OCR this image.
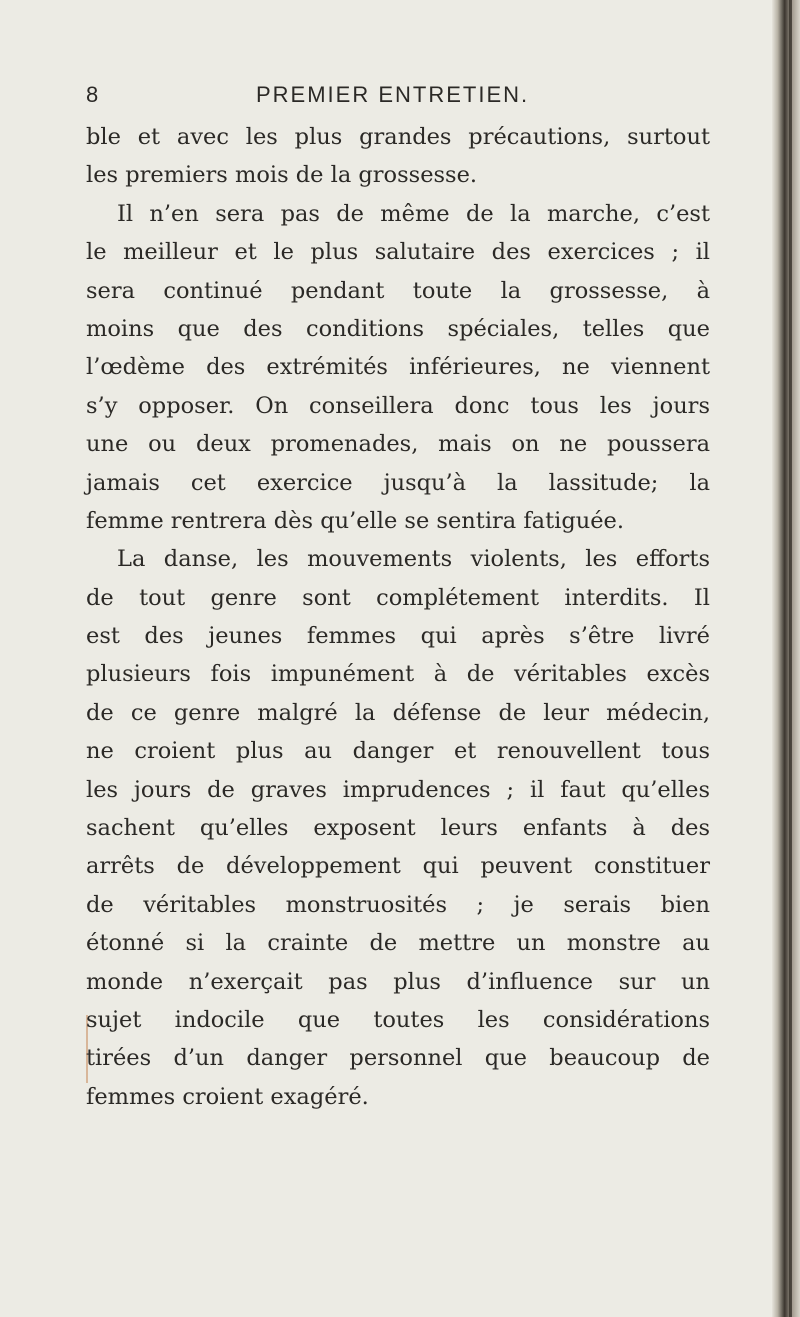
8	PREMIER ENTRETIEN.
ble et avec les plus grandes précautions, surtout
les premiers mois de la grossesse.
Il n’en sera pas de même de la marche, c’est
le meilleur et le plus salutaire des exercices ; il
sera continué pendant toute la grossesse, à
moins que des conditions spéciales, telles que
l’œdème des extrémités inférieures, ne viennent
s’y opposer. On conseillera donc tous les jours
une ou deux promenades, mais on ne poussera
jamais cet exercice jusqu’à la lassitude; la
femme rentrera dès qu’elle se sentira fatiguée.
La danse, les mouvements violents, les efforts
de tout genre sont complétement interdits. Il
est des jeunes femmes qui après s’être livré
plusieurs fois impunément à de véritables excès
de ce genre malgré la défense de leur médecin,
ne croient plus au danger et renouvellent tous
les jours de graves imprudences ; il faut qu’elles
sachent qu’elles exposent leurs enfants à des
arrêts de développement qui peuvent constituer
de véritables monstruosités ; je serais bien
étonné si la crainte de mettre un monstre au
monde n’exerçait pas plus d’influence sur un
sujet indocile que toutes les considérations
tirées d’un danger personnel que beaucoup de
femmes croient exagéré.
